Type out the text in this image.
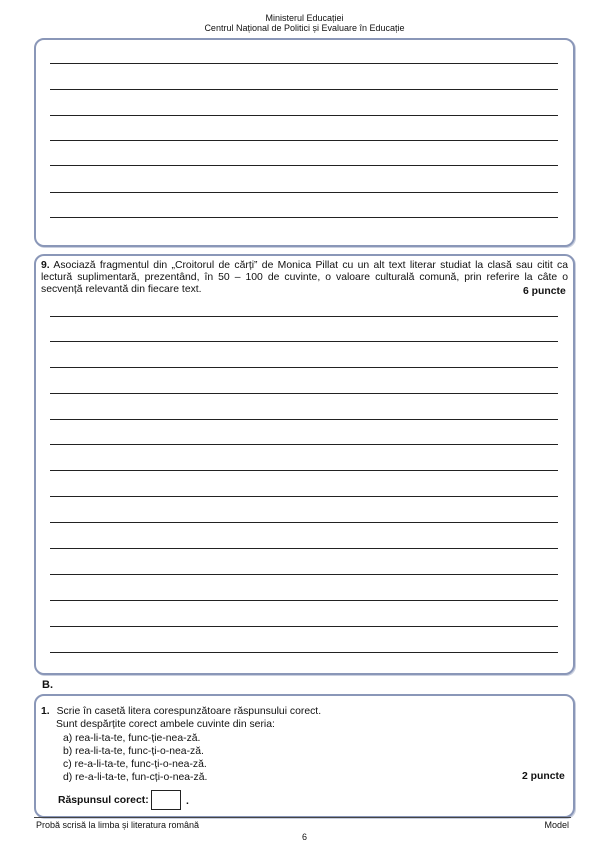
Ministerul Educației
Centrul Național de Politici și Evaluare în Educație
9. Asociază fragmentul din „Croitorul de cărți” de Monica Pillat cu un alt text literar studiat la clasă sau citit ca lectură suplimentară, prezentând, în 50 – 100 de cuvinte, o valoare culturală comună, prin referire la câte o secvență relevantă din fiecare text.	6 puncte
B.
1. Scrie în casetă litera corespunzătoare răspunsului corect.
Sunt despărțite corect ambele cuvinte din seria:
a) rea-li-ta-te, func-ție-nea-ză.
b) rea-li-ta-te, func-ți-o-nea-ză.
c) re-a-li-ta-te, func-ți-o-nea-ză.
d) re-a-li-ta-te, fun-cți-o-nea-ză.	2 puncte
Răspunsul corect:	.
Probă scrisă la limba și literatura română	Model
6
